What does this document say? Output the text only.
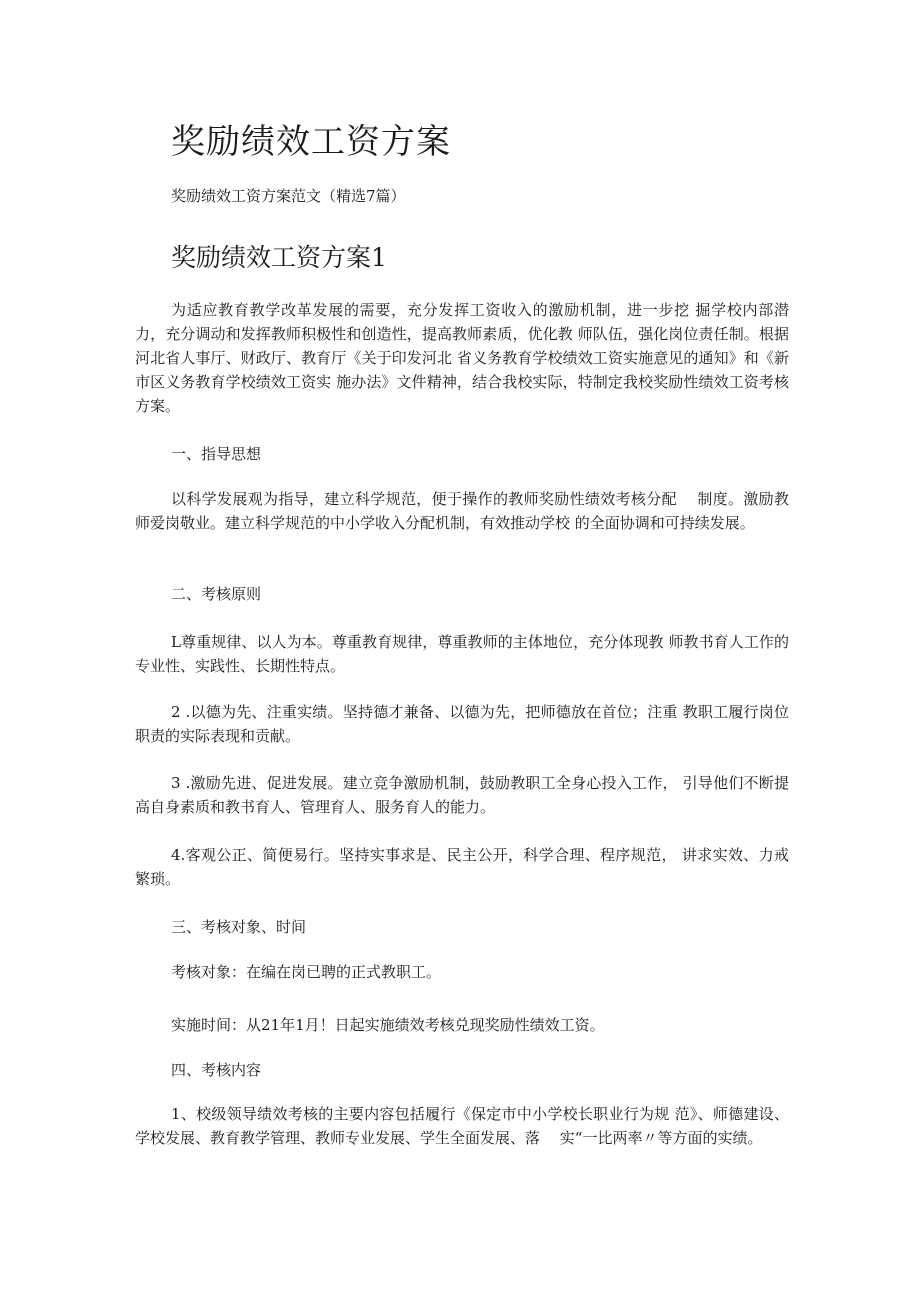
奖励绩效工资方案

奖励绩效工资方案范文（精选7篇）

奖励绩效工资方案1

为适应教育教学改革发展的需要，充分发挥工资收入的激励机制，进一步挖 掘学校内部潜力，充分调动和发挥教师积极性和创造性，提高教师素质，优化教 师队伍，强化岗位责任制。根据河北省人事厅、财政厅、教育厅《关于印发河北 省义务教育学校绩效工资实施意见的通知》和《新市区义务教育学校绩效工资实 施办法》文件精神，结合我校实际，特制定我校奖励性绩效工资考核方案。

一、指导思想

以科学发展观为指导，建立科学规范，便于操作的教师奖励性绩效考核分配　 制度。激励教师爱岗敬业。建立科学规范的中小学收入分配机制，有效推动学校 的全面协调和可持续发展。

二、考核原则

L尊重规律、以人为本。尊重教育规律，尊重教师的主体地位，充分体现教 师教书育人工作的专业性、实践性、长期性特点。

2 .以德为先、注重实绩。坚持德才兼备、以德为先，把师德放在首位；注重 教职工履行岗位职责的实际表现和贡献。

3 .激励先进、促进发展。建立竞争激励机制，鼓励教职工全身心投入工作， 引导他们不断提高自身素质和教书育人、管理育人、服务育人的能力。

4.客观公正、简便易行。坚持实事求是、民主公开，科学合理、程序规范， 讲求实效、力戒繁琐。

三、考核对象、时间

考核对象：在编在岗已聘的正式教职工。

实施时间：从21年1月！日起实施绩效考核兑现奖励性绩效工资。

四、考核内容

1、校级领导绩效考核的主要内容包括履行《保定市中小学校长职业行为规 范》、师德建设、学校发展、教育教学管理、教师专业发展、学生全面发展、落　 实“一比两率〃等方面的实绩。
